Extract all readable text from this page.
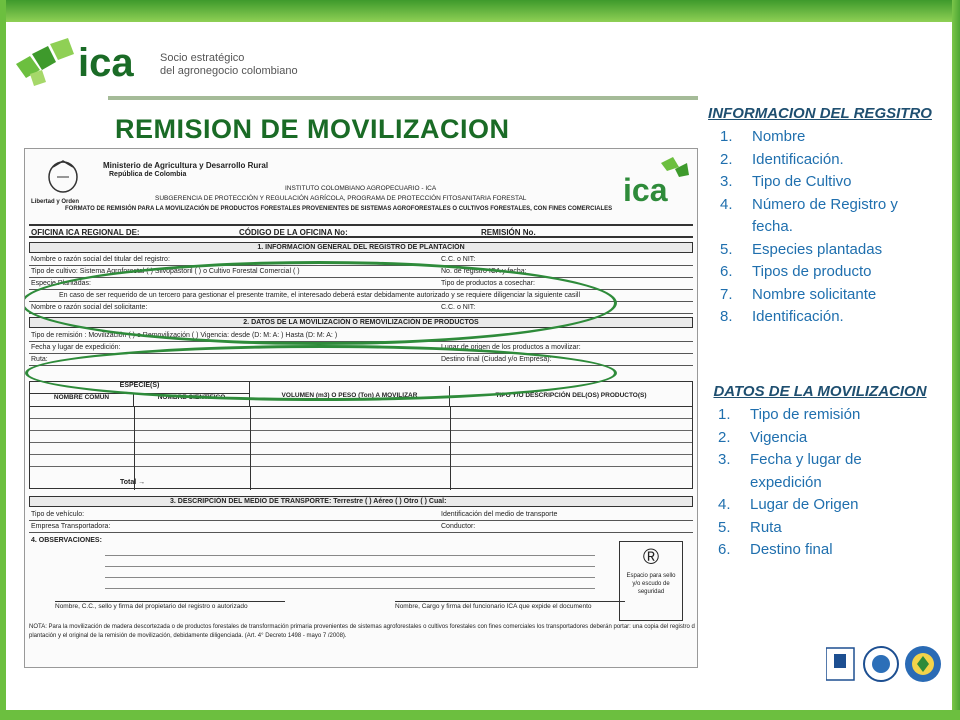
ica Socio estratégico
del agronegocio colombiano
REMISION DE MOVILIZACION
Libertad y Orden
Ministerio de Agricultura y Desarrollo Rural
República de Colombia
INSTITUTO COLOMBIANO AGROPECUARIO - ICA
SUBGERENCIA DE PROTECCIÓN Y REGULACIÓN AGRÍCOLA, PROGRAMA DE PROTECCIÓN FITOSANITARIA FORESTAL
FORMATO DE REMISIÓN PARA LA MOVILIZACIÓN DE PRODUCTOS FORESTALES PROVENIENTES DE SISTEMAS AGROFORESTALES O CULTIVOS FORESTALES, CON FINES COMERCIALES
ica
OFICINA ICA REGIONAL DE:	CÓDIGO DE LA OFICINA No:	REMISIÓN No.
1. INFORMACIÓN GENERAL DEL REGISTRO DE PLANTACIÓN
Nombre o razón social del titular del registro:	C.C. o NIT:
Tipo de cultivo: Sistema Agroforestal ( ) Silvopastoril ( ) o Cultivo Forestal Comercial ( )	No. de registro ICA y fecha:
Especie Plantadas:	Tipo de productos a cosechar:
En caso de ser requerido de un tercero para gestionar el presente tramite, el interesado deberá estar debidamente autorizado y se requiere diligenciar la siguiente casill
Nombre o razón social del solicitante:	C.C. o NIT:
2. DATOS DE LA MOVILIZACIÓN O REMOVILIZACIÓN DE PRODUCTOS
Tipo de remisión : Movilización ( ) o Removilización ( ) Vigencia: desde (D: M: A: ) Hasta (D: M: A: )
Fecha y lugar de expedición:	Lugar de origen de los productos a movilizar:
Ruta:	Destino final (Ciudad y/o Empresa):
ESPECIE(S)
NOMBRE COMÚN	NOMBRE CIENTÍFICO	VOLUMEN (m3) O PESO (Ton) A MOVILIZAR	TIPO Y/O DESCRIPCIÓN DEL(OS) PRODUCTO(S)
Total →
3. DESCRIPCIÓN DEL MEDIO DE TRANSPORTE: Terrestre ( ) Aéreo ( ) Otro ( ) Cual:
Tipo de vehículo:	Identificación del medio de transporte
Empresa Transportadora:	Conductor:
4. OBSERVACIONES:
®
Espacio para sello y/o escudo de seguridad
Nombre, C.C., sello y firma del propietario del registro o autorizado	Nombre, Cargo y firma del funcionario ICA que expide el documento
NOTA: Para la movilización de madera descortezada o de productos forestales de transformación primaria provenientes de sistemas agroforestales o cultivos forestales con fines comerciales los transportadores deberán portar: una copia del registro d
plantación y el original de la remisión de movilización, debidamente diligenciada. (Art. 4° Decreto 1498 - mayo 7 /2008).
INFORMACION DEL REGSITRO
1. Nombre
2. Identificación.
3. Tipo de Cultivo
4. Número de Registro y fecha.
5. Especies plantadas
6. Tipos de producto
7. Nombre solicitante
8. Identificación.
DATOS DE LA MOVILIZACION
1. Tipo de remisión
2. Vigencia
3. Fecha y lugar de expedición
4. Lugar de Origen
5. Ruta
6. Destino final
